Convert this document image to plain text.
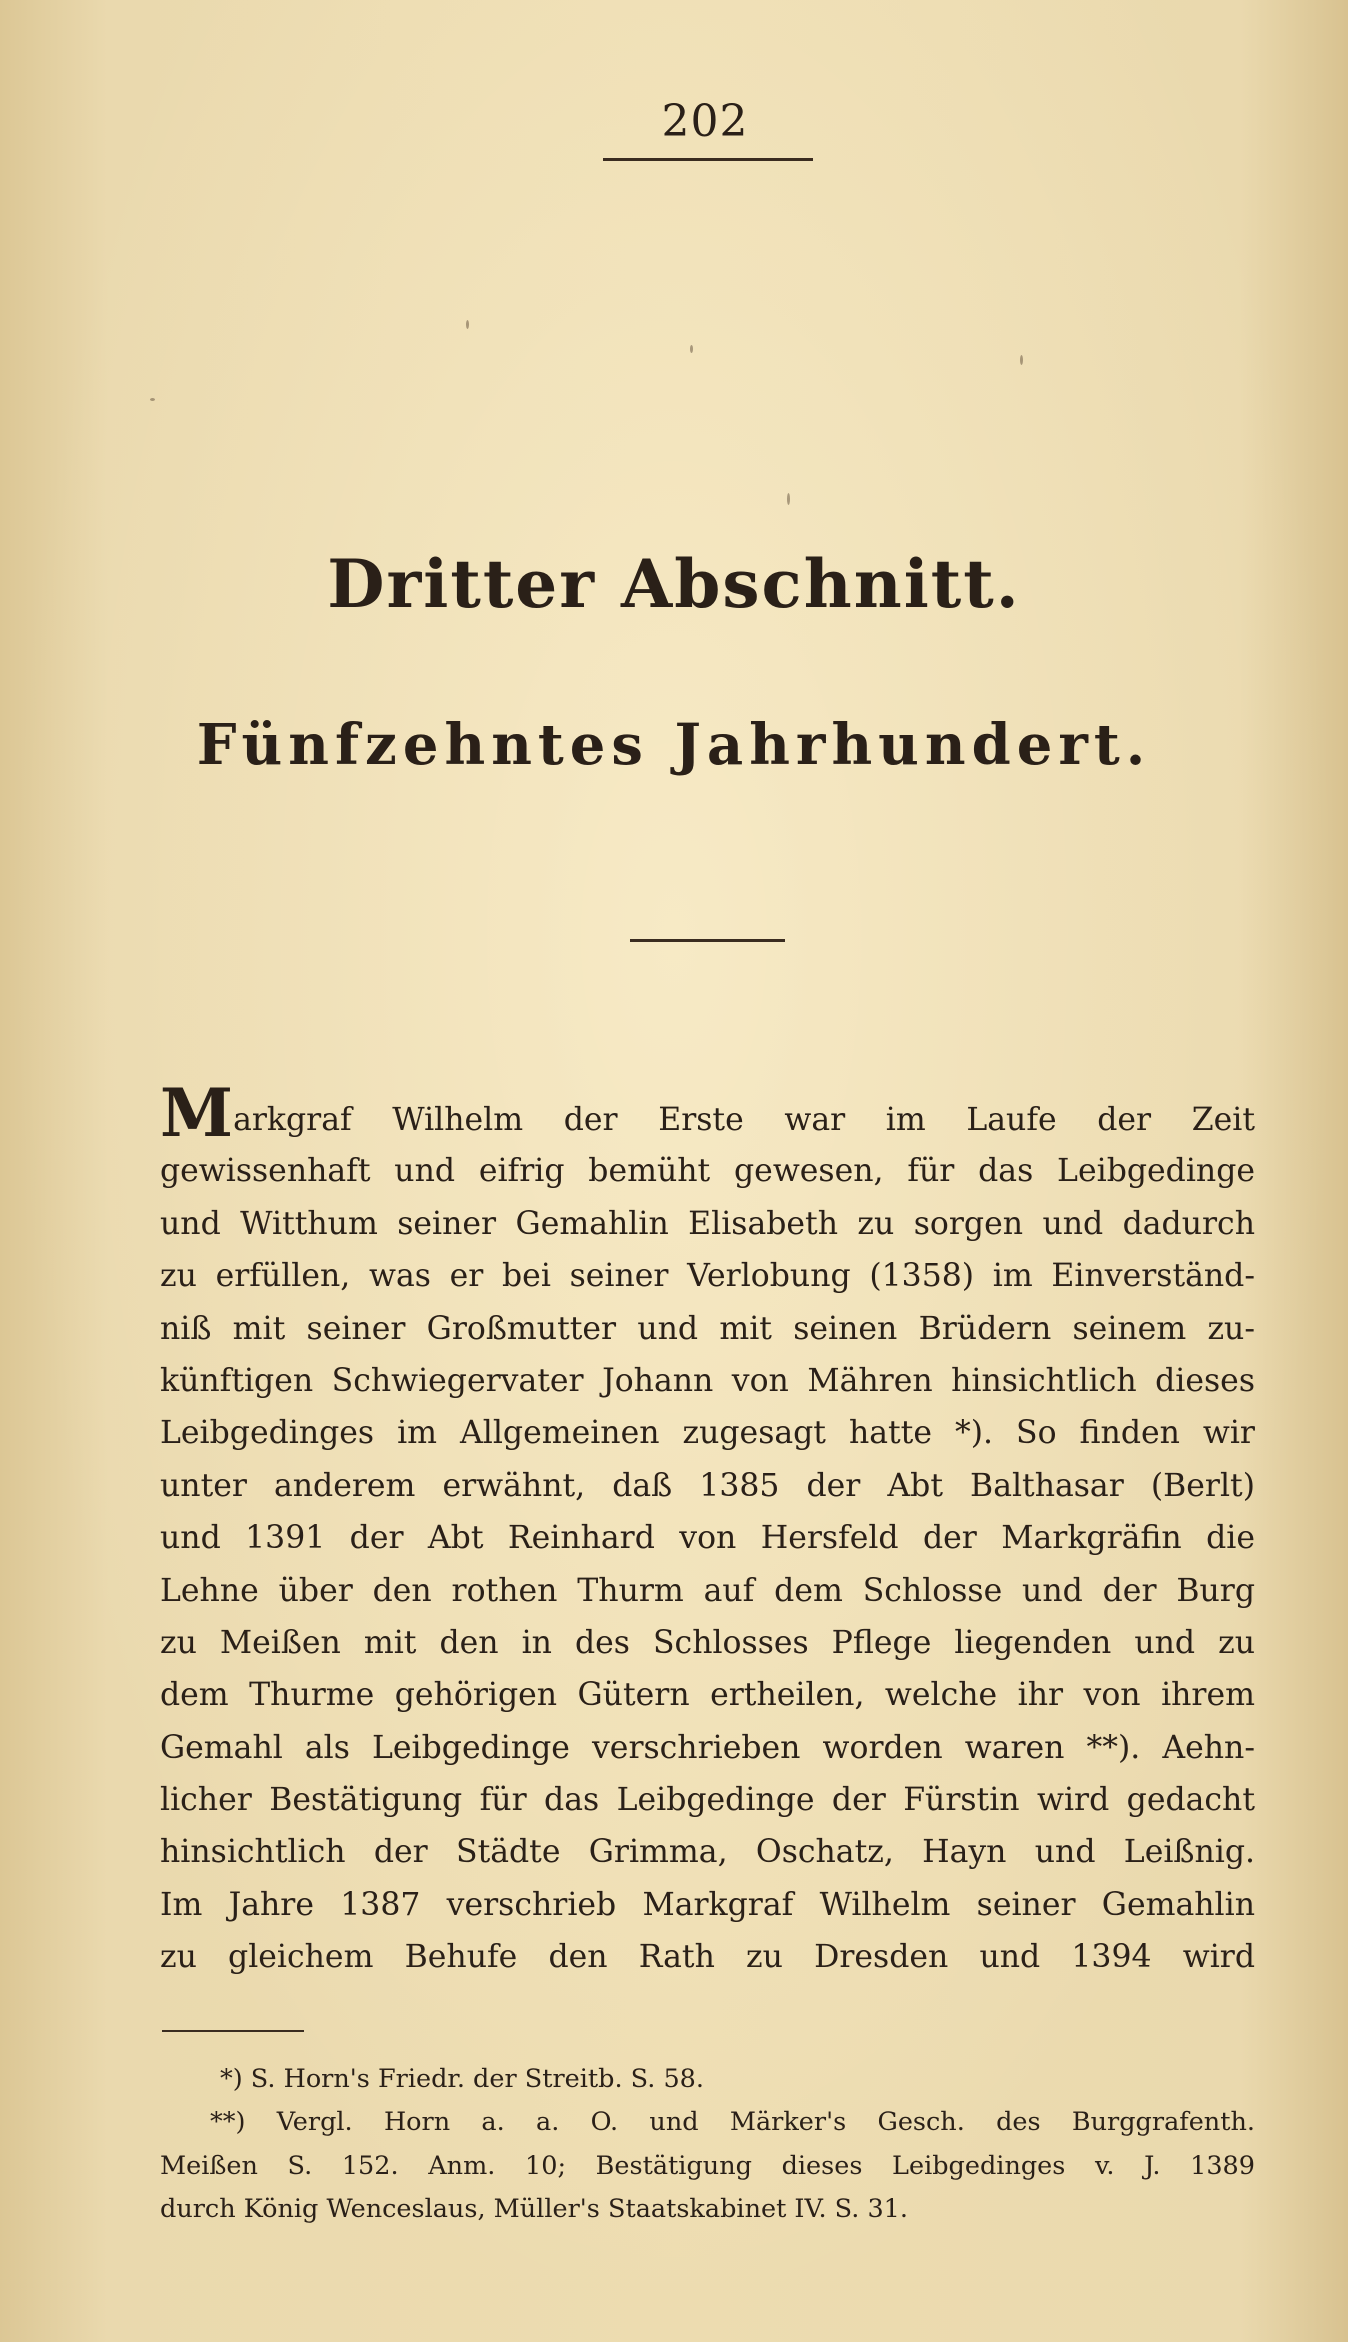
202
Dritter Abschnitt.
Fünfzehntes Jahrhundert.
Markgraf Wilhelm der Erste war im Laufe der Zeit
gewissenhaft und eifrig bemüht gewesen, für das Leibgedinge
und Witthum seiner Gemahlin Elisabeth zu sorgen und dadurch
zu erfüllen, was er bei seiner Verlobung (1358) im Einverständ-
niß mit seiner Großmutter und mit seinen Brüdern seinem zu-
künftigen Schwiegervater Johann von Mähren hinsichtlich dieses
Leibgedinges im Allgemeinen zugesagt hatte *). So finden wir
unter anderem erwähnt, daß 1385 der Abt Balthasar (Berlt)
und 1391 der Abt Reinhard von Hersfeld der Markgräfin die
Lehne über den rothen Thurm auf dem Schlosse und der Burg
zu Meißen mit den in des Schlosses Pflege liegenden und zu
dem Thurme gehörigen Gütern ertheilen, welche ihr von ihrem
Gemahl als Leibgedinge verschrieben worden waren **). Aehn-
licher Bestätigung für das Leibgedinge der Fürstin wird gedacht
hinsichtlich der Städte Grimma, Oschatz, Hayn und Leißnig.
Im Jahre 1387 verschrieb Markgraf Wilhelm seiner Gemahlin
zu gleichem Behufe den Rath zu Dresden und 1394 wird
*) S. Horn's Friedr. der Streitb. S. 58.
**) Vergl. Horn a. a. O. und Märker's Gesch. des Burggrafenth.
Meißen S. 152. Anm. 10; Bestätigung dieses Leibgedinges v. J. 1389
durch König Wenceslaus, Müller's Staatskabinet IV. S. 31.
